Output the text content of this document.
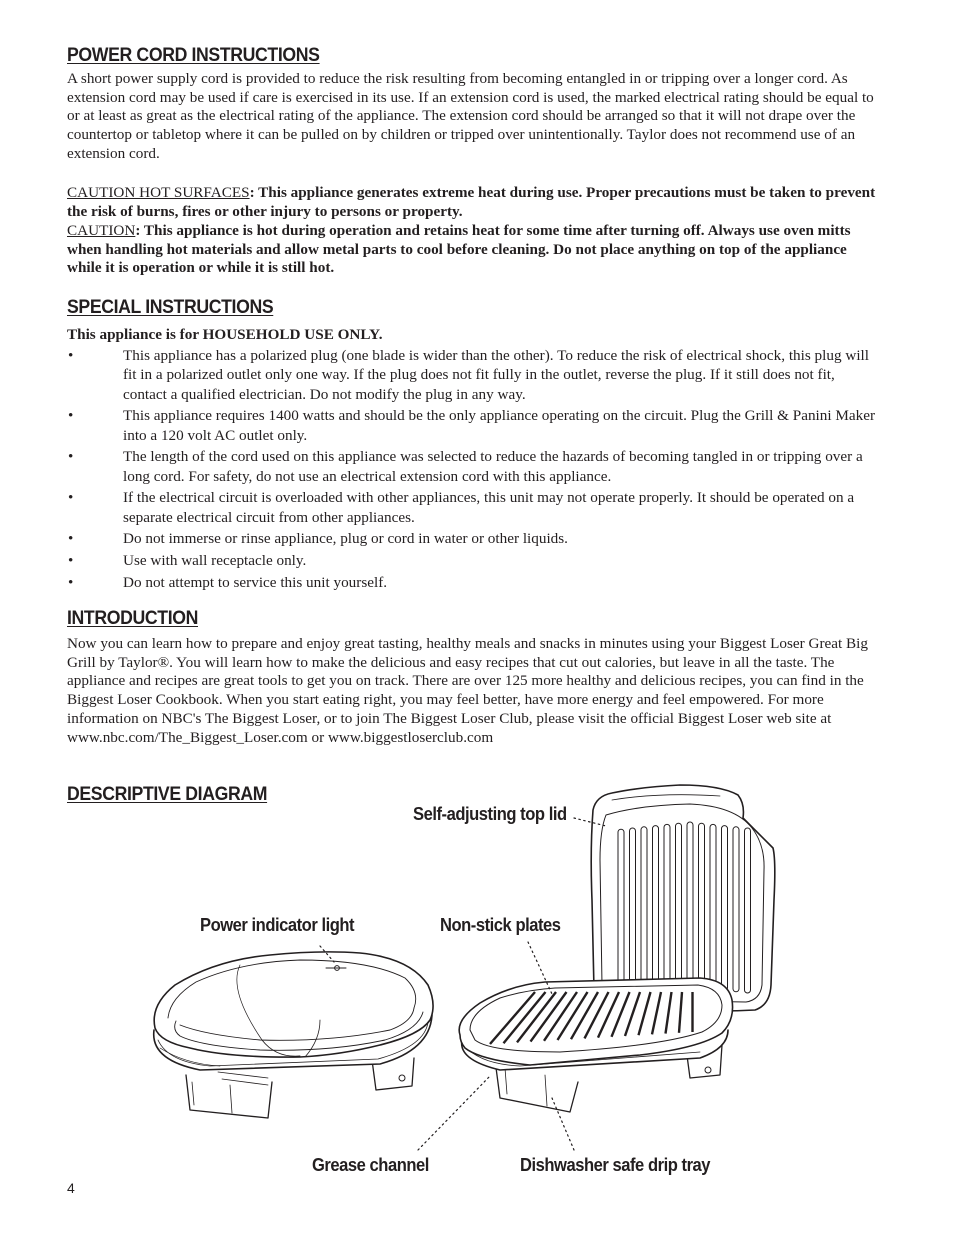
POWER CORD INSTRUCTIONS

A short power supply cord is provided to reduce the risk resulting from becoming entangled in or tripping over a longer cord. As extension cord may be used if care is exercised in its use. If an extension cord is used, the marked electrical rating should be equal to or at least as great as the electrical rating of the appliance. The extension cord should be arranged so that it will not drape over the countertop or tabletop where it can be pulled on by children or tripped over unintentionally. Taylor does not recommend use of an extension cord.

CAUTION HOT SURFACES: This appliance generates extreme heat during use. Proper precautions must be taken to prevent the risk of burns, fires or other injury to persons or property.

CAUTION: This appliance is hot during operation and retains heat for some time after turning off. Always use oven mitts when handling hot materials and allow metal parts to cool before cleaning. Do not place anything on top of the appliance while it is operation or while it is still hot.

SPECIAL INSTRUCTIONS

This appliance is for HOUSEHOLD USE ONLY.

•	This appliance has a polarized plug (one blade is wider than the other). To reduce the risk of electrical shock, this plug will fit in a polarized outlet only one way. If the plug does not fit fully in the outlet, reverse the plug. If it still does not fit, contact a qualified electrician. Do not modify the plug in any way.
•	This appliance requires 1400 watts and should be the only appliance operating on the circuit. Plug the Grill & Panini Maker into a 120 volt AC outlet only.
•	The length of the cord used on this appliance was selected to reduce the hazards of becoming tangled in or tripping over a long cord. For safety, do not use an electrical extension cord with this appliance.
•	If the electrical circuit is overloaded with other appliances, this unit may not operate properly. It should be operated on a separate electrical circuit from other appliances.
•	Do not immerse or rinse appliance, plug or cord in water or other liquids.
•	Use with wall receptacle only.
•	Do not attempt to service this unit yourself.
INTRODUCTION

Now you can learn how to prepare and enjoy great tasting, healthy meals and snacks in minutes using your Biggest Loser Great Big Grill by Taylor®. You will learn how to make the delicious and easy recipes that cut out calories, but leave in all the taste. The appliance and recipes are great tools to get you on track. There are over 125 more healthy and delicious recipes, you can find in the Biggest Loser Cookbook. When you start eating right, you may feel better, have more energy and feel empowered. For more information on NBC's The Biggest Loser, or to join The Biggest Loser Club, please visit the official Biggest Loser web site at www.nbc.com/The_Biggest_Loser.com or www.biggestloserclub.com

DESCRIPTIVE DIAGRAM
Self-adjusting top lid
Power indicator light	Non-stick plates
Grease channel	Dishwasher safe drip tray
4
